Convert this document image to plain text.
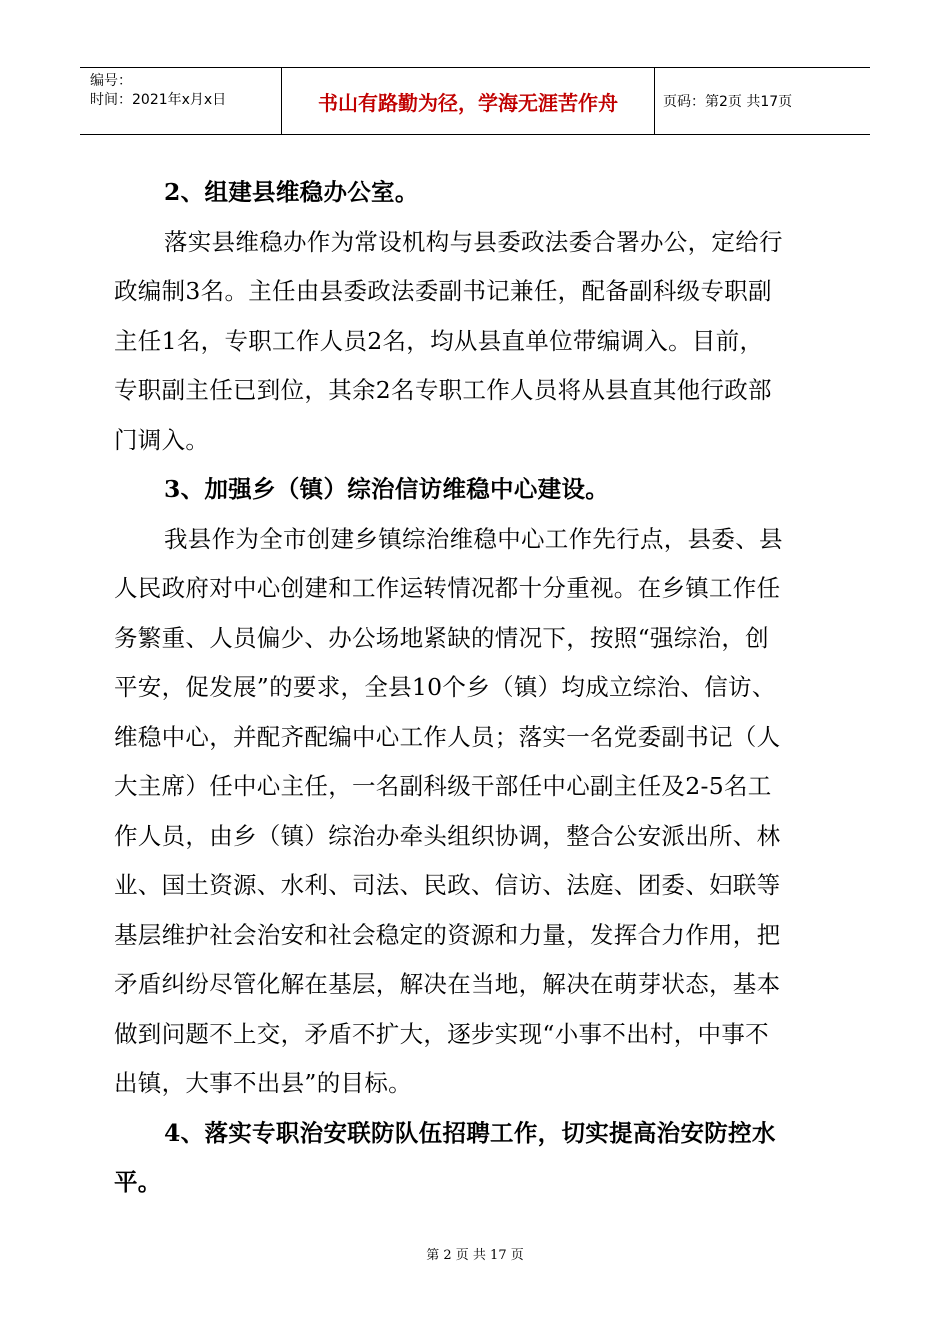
编号：
时间：2021年x月x日	书山有路勤为径，学海无涯苦作舟	页码：第2页 共17页
2、组建县维稳办公室。
落实县维稳办作为常设机构与县委政法委合署办公，定给行
政编制3名。主任由县委政法委副书记兼任，配备副科级专职副
主任1名，专职工作人员2名，均从县直单位带编调入。目前，
专职副主任已到位，其余2名专职工作人员将从县直其他行政部
门调入。
3、加强乡（镇）综治信访维稳中心建设。
我县作为全市创建乡镇综治维稳中心工作先行点，县委、县
人民政府对中心创建和工作运转情况都十分重视。在乡镇工作任
务繁重、人员偏少、办公场地紧缺的情况下，按照“强综治，创
平安，促发展”的要求，全县10个乡（镇）均成立综治、信访、
维稳中心，并配齐配编中心工作人员；落实一名党委副书记（人
大主席）任中心主任，一名副科级干部任中心副主任及2-5名工
作人员，由乡（镇）综治办牵头组织协调，整合公安派出所、林
业、国土资源、水利、司法、民政、信访、法庭、团委、妇联等
基层维护社会治安和社会稳定的资源和力量，发挥合力作用，把
矛盾纠纷尽管化解在基层，解决在当地，解决在萌芽状态，基本
做到问题不上交，矛盾不扩大，逐步实现“小事不出村，中事不
出镇，大事不出县”的目标。
4、落实专职治安联防队伍招聘工作，切实提高治安防控水
平。
第 2 页 共 17 页
